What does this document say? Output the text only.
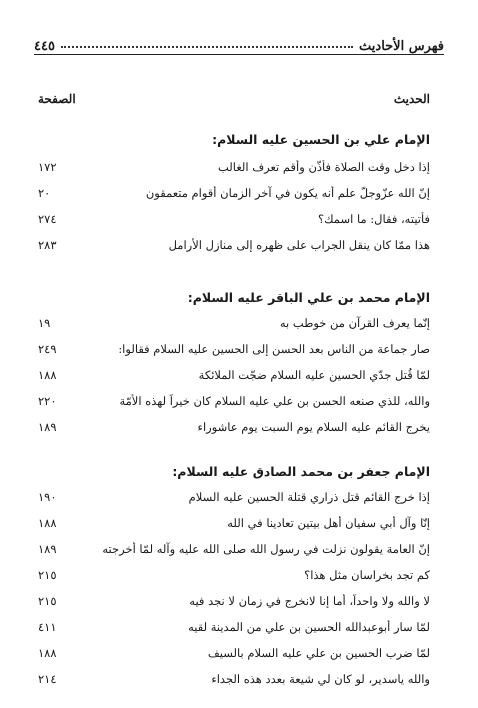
فهرس الأحاديث
٤٤٥
الحديث
الصفحة
الإمام علي بن الحسين عليه السلام:
إذا دخل وقت الصلاة فأذّن وأقم تعرف الغالب
١٧٢
إنّ الله عزّوجلّ علم أنه يكون في آخر الزمان أقوام متعمقون
٢٠
فأتيته، فقال: ما اسمك؟
٢٧٤
هذا ممّا كان ينقل الجراب على ظهره إلى منازل الأرامل
٢٨٣
الإمام محمد بن علي الباقر عليه السلام:
إنّما يعرف القرآن من خوطب به
١٩
صار جماعة من الناس بعد الحسن إلى الحسين عليه السلام فقالوا:
٢٤٩
لمّا قُتل جدّي الحسين عليه السلام ضجّت الملائكة
١٨٨
والله، للذي صنعه الحسن بن علي عليه السلام كان خيراً لهذه الأمّة
٢٢٠
يخرج القائم عليه السلام يوم السبت يوم عاشوراء
١٨٩
الإمام جعفر بن محمد الصادق عليه السلام:
إذا خرج القائم قتل ذراري قتلة الحسين عليه السلام
١٩٠
إنّا وآل أبي سفيان أهل بيتين تعادينا في الله
١٨٨
إنّ العامة يقولون نزلت في رسول الله صلى الله عليه وآله لمّا أخرجته
١٨٩
كم تجد بخراسان مثل هذا؟
٢١٥
لا والله ولا واحداً، أما إنا لانخرج في زمان لا نجد فيه
٢١٥
لمّا سار أبوعبدالله الحسين بن علي من المدينة لقيه
٤١١
لمّا ضرب الحسين بن علي عليه السلام بالسيف
١٨٨
والله ياسدير، لو كان لي شيعة بعدد هذه الجداء
٢١٤
